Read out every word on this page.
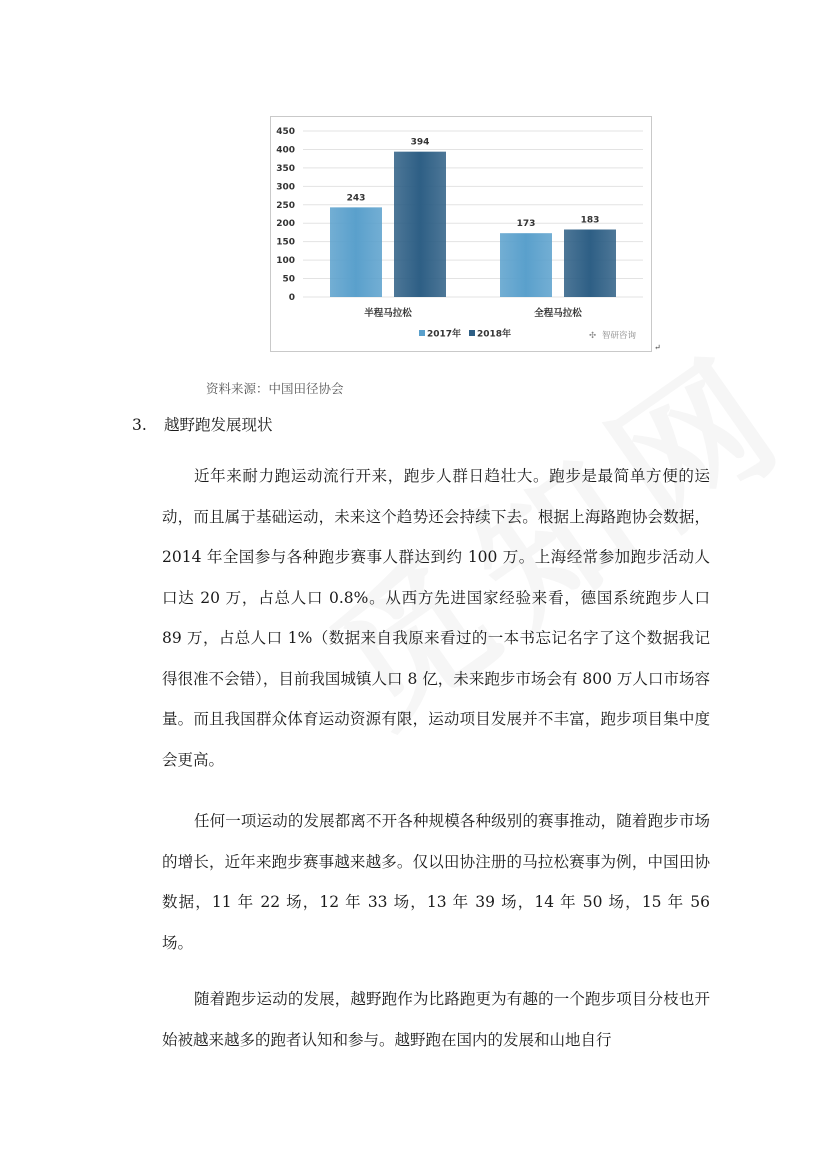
0
50
100
150
200
250
300
350
400
450
243
394
半程马拉松
173	183
全程马拉松
2017年 2018年	✣ 智研咨询
↵
资料来源：中国田径协会
3. 越野跑发展现状

近年来耐力跑运动流行开来，跑步人群日趋壮大。跑步是最简单方便的运动，而且属于基础运动，未来这个趋势还会持续下去。根据上海路跑协会数据，2014 年全国参与各种跑步赛事人群达到约 100 万。上海经常参加跑步活动人口达 20 万，占总人口 0.8%。从西方先进国家经验来看，德国系统跑步人口 89 万，占总人口 1%（数据来自我原来看过的一本书忘记名字了这个数据我记得很准不会错），目前我国城镇人口 8 亿，未来跑步市场会有 800 万人口市场容量。而且我国群众体育运动资源有限，运动项目发展并不丰富，跑步项目集中度会更高。

任何一项运动的发展都离不开各种规模各种级别的赛事推动，随着跑步市场的增长，近年来跑步赛事越来越多。仅以田协注册的马拉松赛事为例，中国田协数据，11 年 22 场，12 年 33 场，13 年 39 场，14 年 50 场，15 年 56 场。

随着跑步运动的发展，越野跑作为比路跑更为有趣的一个跑步项目分枝也开始被越来越多的跑者认知和参与。越野跑在国内的发展和山地自行
